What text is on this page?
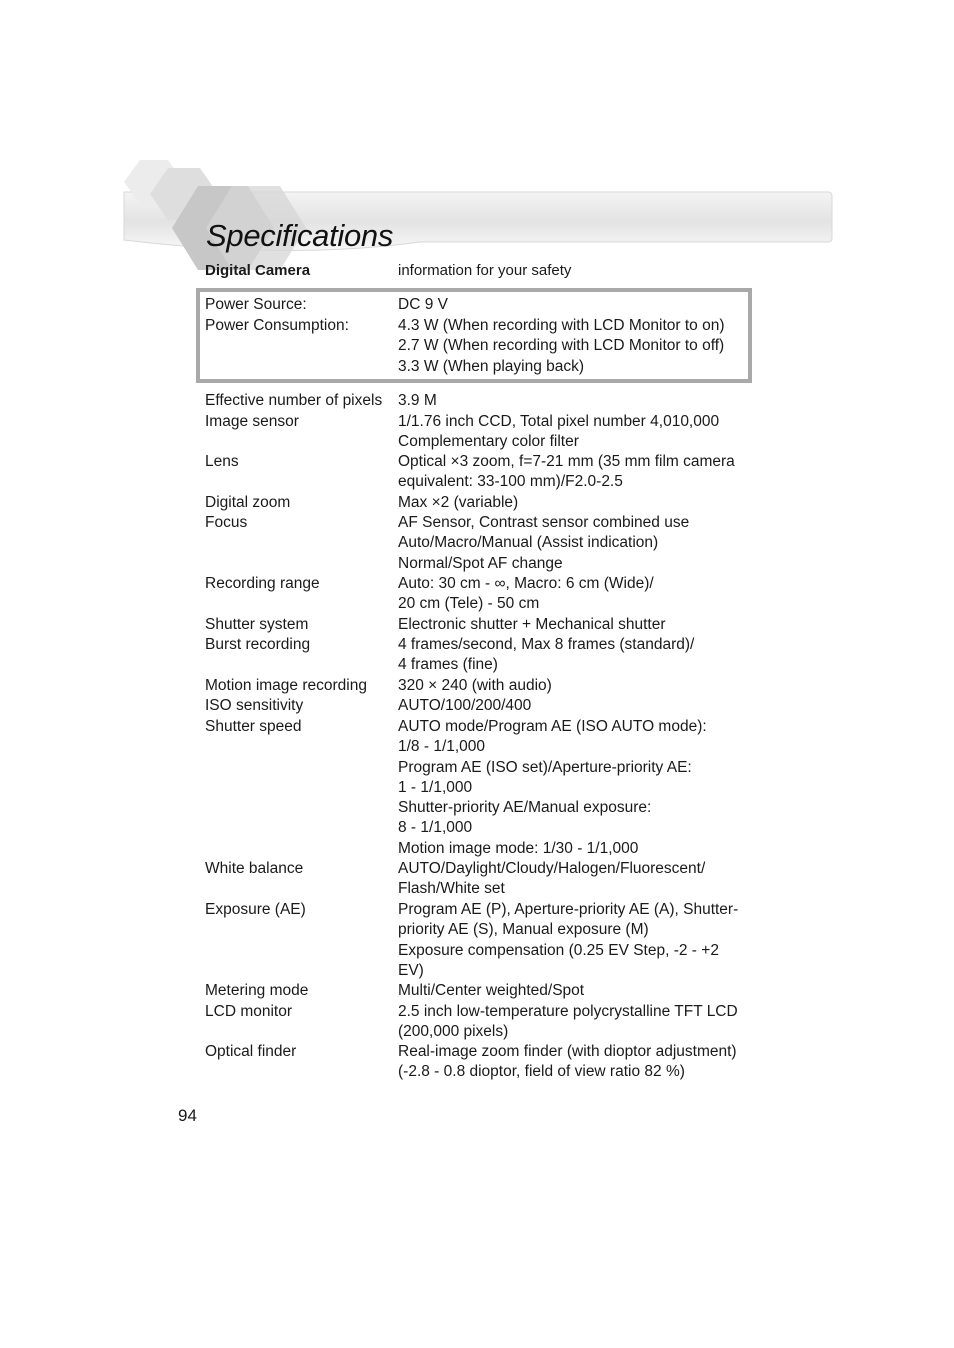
Specifications
Digital Camera	information for your safety
Power Source:	DC 9 V
Power Consumption:	4.3 W (When recording with LCD Monitor to on)
2.7 W (When recording with LCD Monitor to off)
3.3 W (When playing back)
Effective number of pixels	3.9 M
Image sensor	1/1.76 inch CCD, Total pixel number 4,010,000
Complementary color filter
Lens	Optical ×3 zoom, f=7-21 mm (35 mm film camera
equivalent: 33-100 mm)/F2.0-2.5
Digital zoom	Max ×2 (variable)
Focus	AF Sensor, Contrast sensor combined use
Auto/Macro/Manual (Assist indication)
Normal/Spot AF change
Recording range	Auto: 30 cm - ∞, Macro: 6 cm (Wide)/
20 cm (Tele) - 50 cm
Shutter system	Electronic shutter + Mechanical shutter
Burst recording	4 frames/second, Max 8 frames (standard)/
4 frames (fine)
Motion image recording	320 × 240 (with audio)
ISO sensitivity	AUTO/100/200/400
Shutter speed	AUTO mode/Program AE (ISO AUTO mode):
1/8 - 1/1,000
Program AE (ISO set)/Aperture-priority AE:
1 - 1/1,000
Shutter-priority AE/Manual exposure:
8 - 1/1,000
Motion image mode: 1/30 - 1/1,000
White balance	AUTO/Daylight/Cloudy/Halogen/Fluorescent/
Flash/White set
Exposure (AE)	Program AE (P), Aperture-priority AE (A), Shutter-
priority AE (S), Manual exposure (M)
Exposure compensation (0.25 EV Step, -2 - +2
EV)
Metering mode	Multi/Center weighted/Spot
LCD monitor	2.5 inch low-temperature polycrystalline TFT LCD
(200,000 pixels)
Optical finder	Real-image zoom finder (with dioptor adjustment)
(-2.8 - 0.8 dioptor, field of view ratio 82 %)
94
